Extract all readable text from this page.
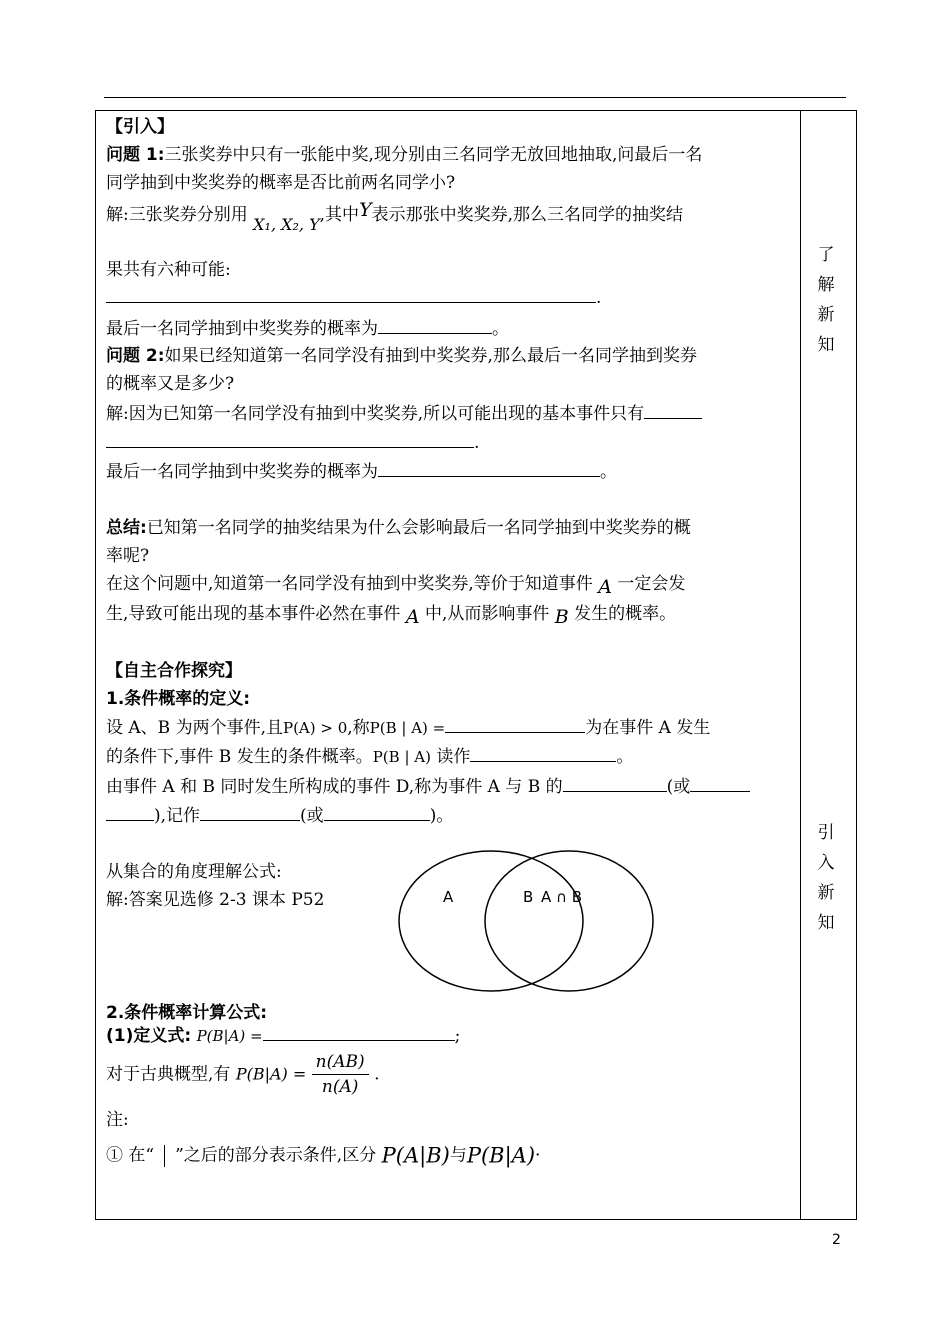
了
解
新
知
引
入
新
知
【引入】
问题 1:三张奖券中只有一张能中奖,现分别由三名同学无放回地抽取,问最后一名
同学抽到中奖奖券的概率是否比前两名同学小?
解:三张奖券分别用 X₁, X₂, Y,其中Y表示那张中奖奖券,那么三名同学的抽奖结
果共有六种可能:
.
最后一名同学抽到中奖奖券的概率为	。
问题 2:如果已经知道第一名同学没有抽到中奖奖券,那么最后一名同学抽到奖券
的概率又是多少?
解:因为已知第一名同学没有抽到中奖奖券,所以可能出现的基本事件只有
.
最后一名同学抽到中奖奖券的概率为	。
总结:已知第一名同学的抽奖结果为什么会影响最后一名同学抽到中奖奖券的概
率呢?
在这个问题中,知道第一名同学没有抽到中奖奖券,等价于知道事件 A 一定会发
生,导致可能出现的基本事件必然在事件 A 中,从而影响事件 B 发生的概率。
【自主合作探究】
1.条件概率的定义:
设 A、B 为两个事件,且P(A) > 0,称P(B | A) =	为在事件 A 发生
的条件下,事件 B 发生的条件概率。P(B | A) 读作	。
由事件 A 和 B 同时发生所构成的事件 D,称为事件 A 与 B 的	(或
),记作	(或	)。
从集合的角度理解公式:
解:答案见选修 2-3 课本 P52	A	B A ∩ B
2.条件概率计算公式:
(1)定义式: P(B|A) =	;
对于古典概型,有 $P(B|A) = \frac{n(AB)}{n(A)}$ .
注:
① 在“ ”之后的部分表示条件,区分 P(A|B)与P(B|A)·
2
